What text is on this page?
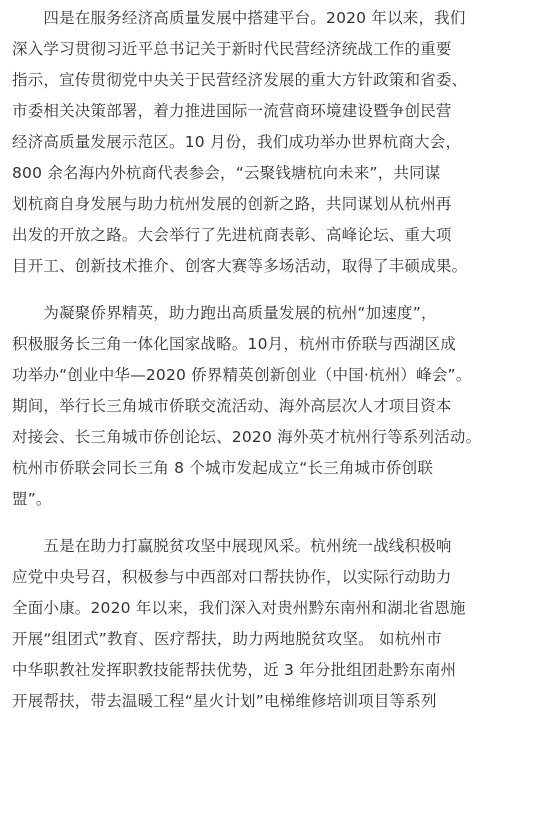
　　四是在服务经济高质量发展中搭建平台。2020 年以来，我们
深入学习贯彻习近平总书记关于新时代民营经济统战工作的重要
指示，宣传贯彻党中央关于民营经济发展的重大方针政策和省委、
市委相关决策部署，着力推进国际一流营商环境建设暨争创民营
经济高质量发展示范区。10 月份，我们成功举办世界杭商大会，
800 余名海内外杭商代表参会，“云聚钱塘杭向未来”，共同谋
划杭商自身发展与助力杭州发展的创新之路，共同谋划从杭州再
出发的开放之路。大会举行了先进杭商表彰、高峰论坛、重大项
目开工、创新技术推介、创客大赛等多场活动，取得了丰硕成果。
　　为凝聚侨界精英，助力跑出高质量发展的杭州“加速度”，
积极服务长三角一体化国家战略。10月，杭州市侨联与西湖区成
功举办“创业中华—2020 侨界精英创新创业（中国·杭州）峰会”。
期间，举行长三角城市侨联交流活动、海外高层次人才项目资本
对接会、长三角城市侨创论坛、2020 海外英才杭州行等系列活动。
杭州市侨联会同长三角 8 个城市发起成立“长三角城市侨创联
盟”。
　　五是在助力打赢脱贫攻坚中展现风采。杭州统一战线积极响
应党中央号召，积极参与中西部对口帮扶协作，以实际行动助力
全面小康。2020 年以来，我们深入对贵州黔东南州和湖北省恩施
开展“组团式”教育、医疗帮扶，助力两地脱贫攻坚。 如杭州市
中华职教社发挥职教技能帮扶优势，近 3 年分批组团赴黔东南州
开展帮扶，带去温暖工程“星火计划”电梯维修培训项目等系列
